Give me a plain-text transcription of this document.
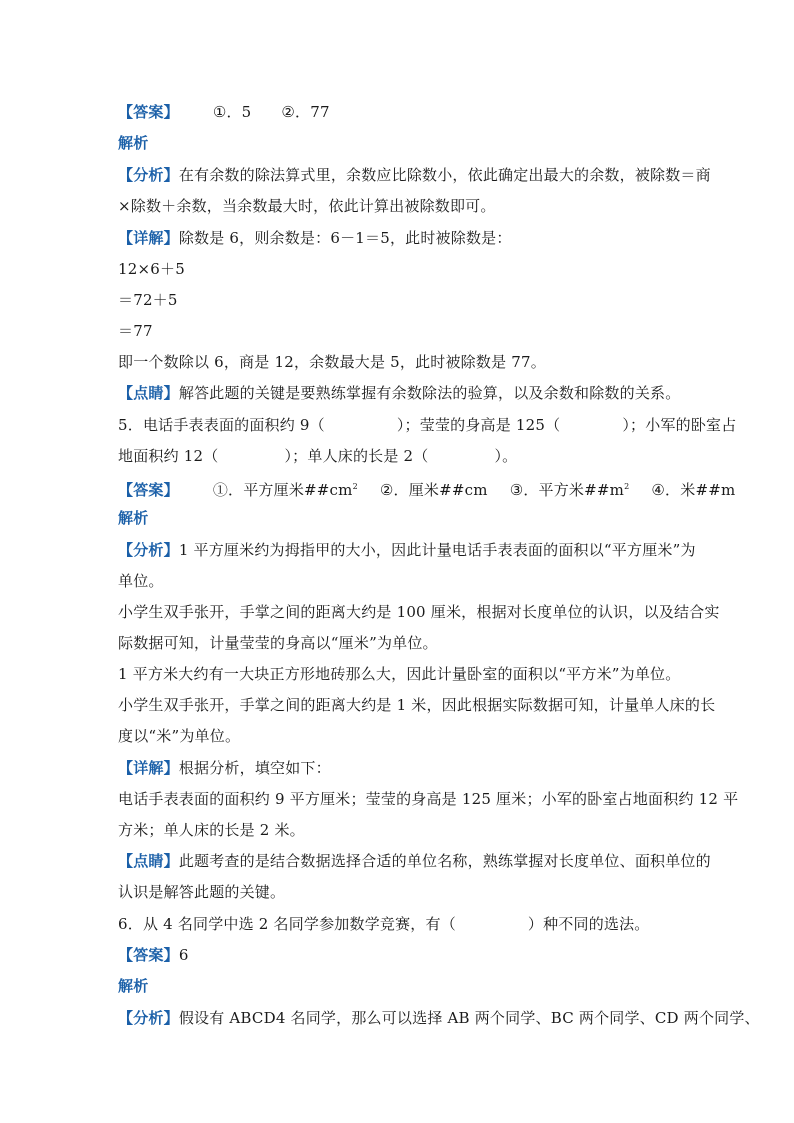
【答案】 ①．5 ②．77
解析
【分析】在有余数的除法算式里，余数应比除数小，依此确定出最大的余数，被除数＝商
×除数＋余数，当余数最大时，依此计算出被除数即可。
【详解】除数是 6，则余数是：6－1＝5，此时被除数是：
12×6＋5
＝72＋5
＝77
即一个数除以 6，商是 12，余数最大是 5，此时被除数是 77。
【点睛】解答此题的关键是要熟练掌握有余数除法的验算，以及余数和除数的关系。
5．电话手表表面的面积约 9（	）；莹莹的身高是 125（	）；小军的卧室占
地面积约 12（	）；单人床的长是 2（	）。
【答案】 ①．平方厘米$\#\#cm^2$ ②．厘米##cm ③．平方米$\#\#m^2$ ④．米##m
解析
【分析】1 平方厘米约为拇指甲的大小，因此计量电话手表表面的面积以“平方厘米”为
单位。
小学生双手张开，手掌之间的距离大约是 100 厘米，根据对长度单位的认识，以及结合实
际数据可知，计量莹莹的身高以“厘米”为单位。
1 平方米大约有一大块正方形地砖那么大，因此计量卧室的面积以“平方米”为单位。
小学生双手张开，手掌之间的距离大约是 1 米，因此根据实际数据可知，计量单人床的长
度以“米”为单位。
【详解】根据分析，填空如下：
电话手表表面的面积约 9 平方厘米；莹莹的身高是 125 厘米；小军的卧室占地面积约 12 平
方米；单人床的长是 2 米。
【点睛】此题考查的是结合数据选择合适的单位名称，熟练掌握对长度单位、面积单位的
认识是解答此题的关键。
6．从 4 名同学中选 2 名同学参加数学竞赛，有（	）种不同的选法。
【答案】6
解析
【分析】假设有 ABCD4 名同学，那么可以选择 AB 两个同学、BC 两个同学、CD 两个同学、
